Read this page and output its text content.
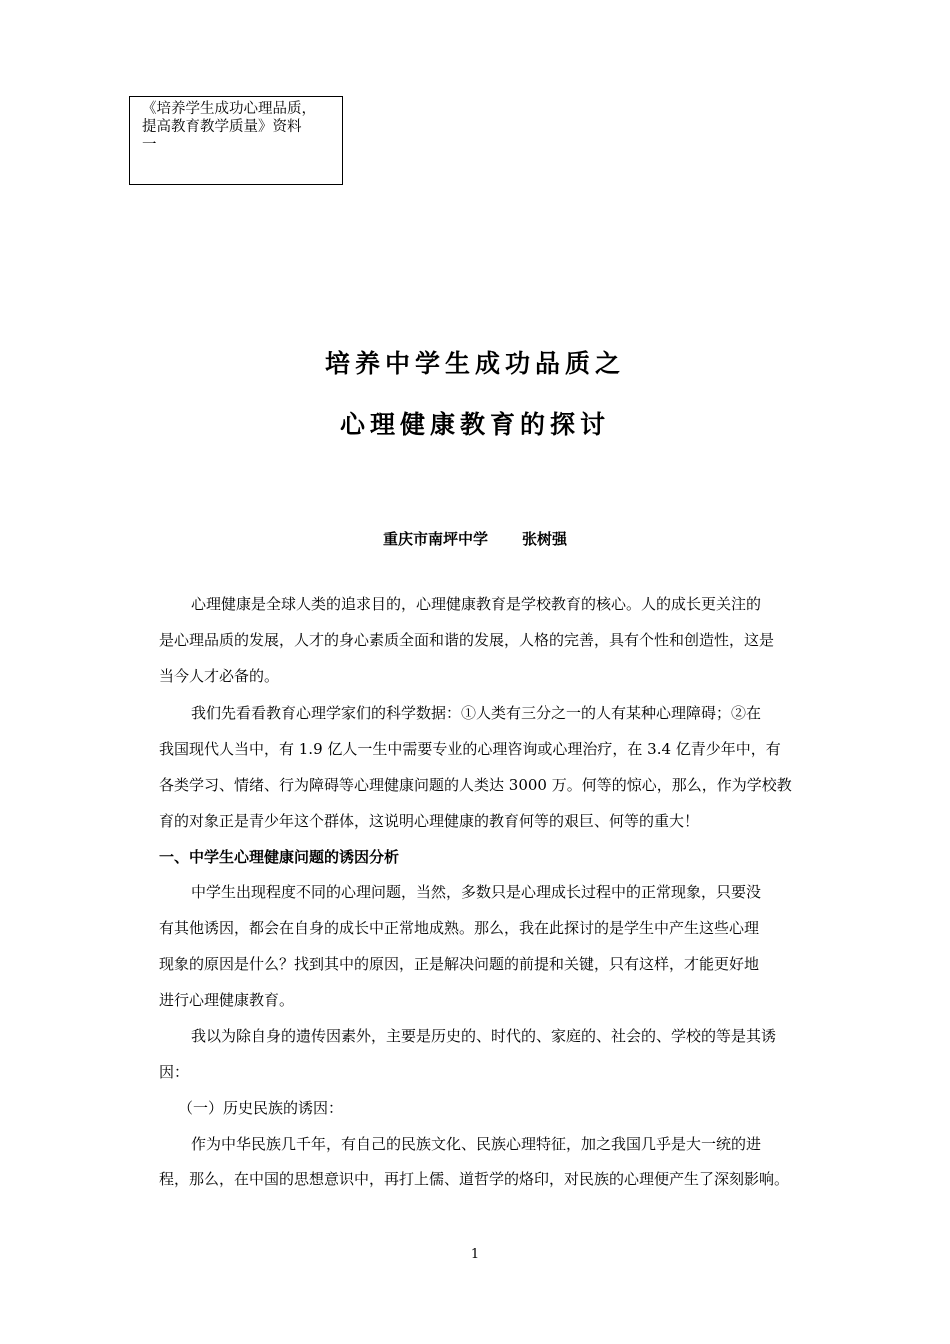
《培养学生成功心理品质，
提高教育教学质量》资料
一
培养中学生成功品质之
心理健康教育的探讨
重庆市南坪中学 张树强
心理健康是全球人类的追求目的，心理健康教育是学校教育的核心。人的成长更关注的
是心理品质的发展，人才的身心素质全面和谐的发展，人格的完善，具有个性和创造性，这是
当今人才必备的。
我们先看看教育心理学家们的科学数据：①人类有三分之一的人有某种心理障碍；②在
我国现代人当中，有 1.9 亿人一生中需要专业的心理咨询或心理治疗，在 3.4 亿青少年中，有
各类学习、情绪、行为障碍等心理健康问题的人类达 3000 万。何等的惊心，那么，作为学校教
育的对象正是青少年这个群体，这说明心理健康的教育何等的艰巨、何等的重大！
一、中学生心理健康问题的诱因分析
中学生出现程度不同的心理问题，当然，多数只是心理成长过程中的正常现象，只要没
有其他诱因，都会在自身的成长中正常地成熟。那么，我在此探讨的是学生中产生这些心理
现象的原因是什么？找到其中的原因，正是解决问题的前提和关键，只有这样，才能更好地
进行心理健康教育。
我以为除自身的遗传因素外，主要是历史的、时代的、家庭的、社会的、学校的等是其诱
因：
（一）历史民族的诱因：
作为中华民族几千年，有自己的民族文化、民族心理特征，加之我国几乎是大一统的进
程，那么，在中国的思想意识中，再打上儒、道哲学的烙印，对民族的心理便产生了深刻影响。
1
